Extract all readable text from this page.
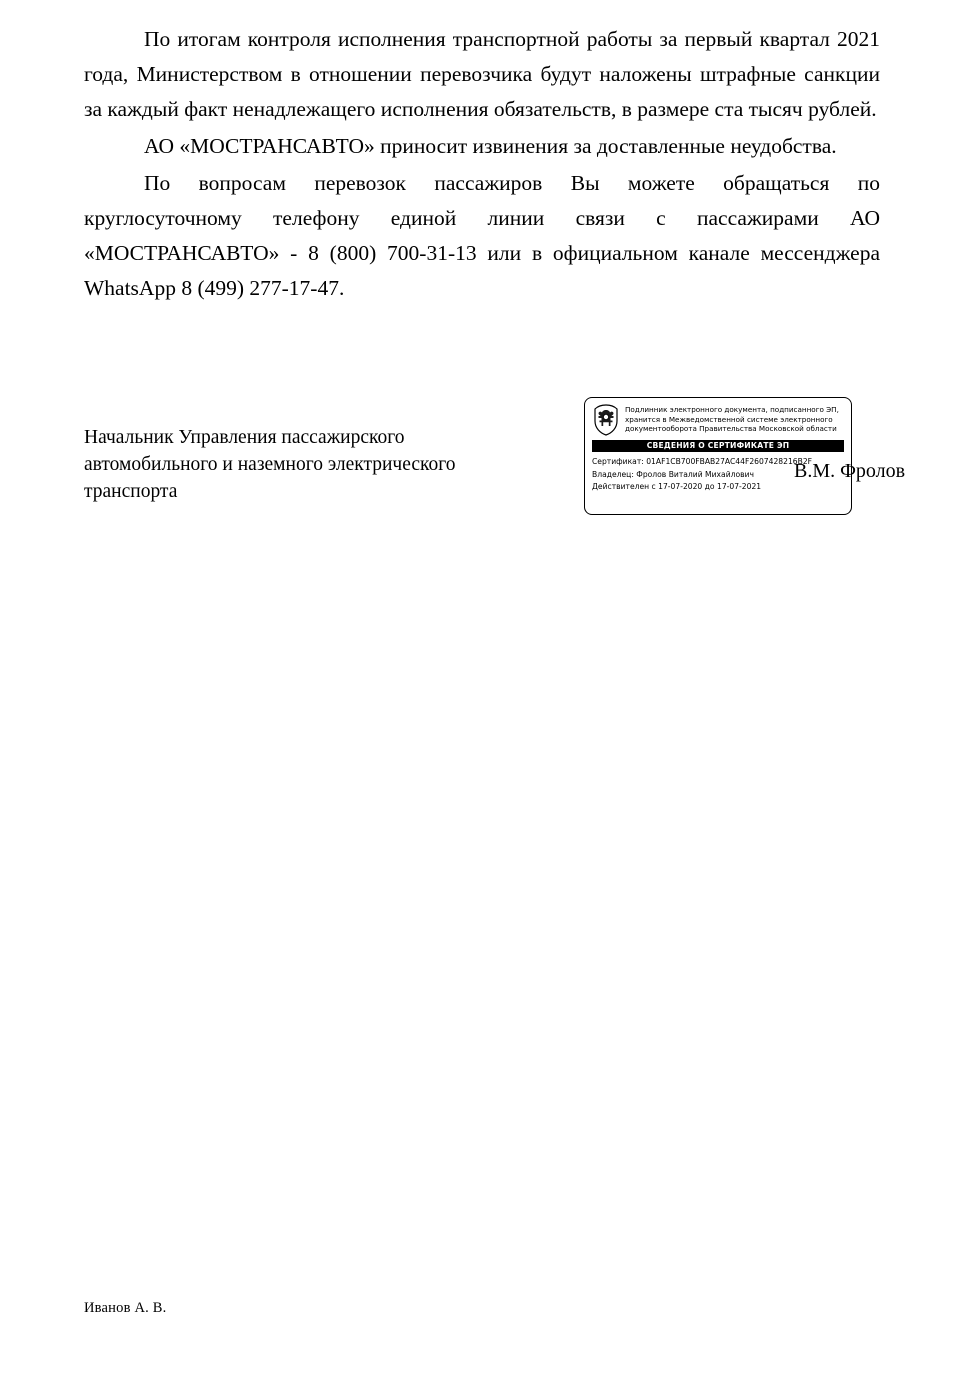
По итогам контроля исполнения транспортной работы за первый квартал 2021 года, Министерством в отношении перевозчика будут наложены штрафные санкции за каждый факт ненадлежащего исполнения обязательств, в размере ста тысяч рублей.

АО «МОСТРАНСАВТО» приносит извинения за доставленные неудобства.

По вопросам перевозок пассажиров Вы можете обращаться по круглосуточному телефону единой линии связи с пассажирами АО «МОСТРАНСАВТО» - 8 (800) 700-31-13 или в официальном канале мессенджера WhatsApp 8 (499) 277-17-47.

Начальник Управления пассажирского автомобильного и наземного электрического транспорта
Подлинник электронного документа, подписанного ЭП,
хранится в Межведомственной системе электронного
документооборота Правительства Московской области
СВЕДЕНИЯ О СЕРТИФИКАТЕ ЭП
Сертификат: 01AF1CB700FBAB27AC44F2607428216B2F
Владелец: Фролов Виталий Михайлович
Действителен с 17-07-2020 до 17-07-2021
В.М. Фролов
Иванов А. В.
